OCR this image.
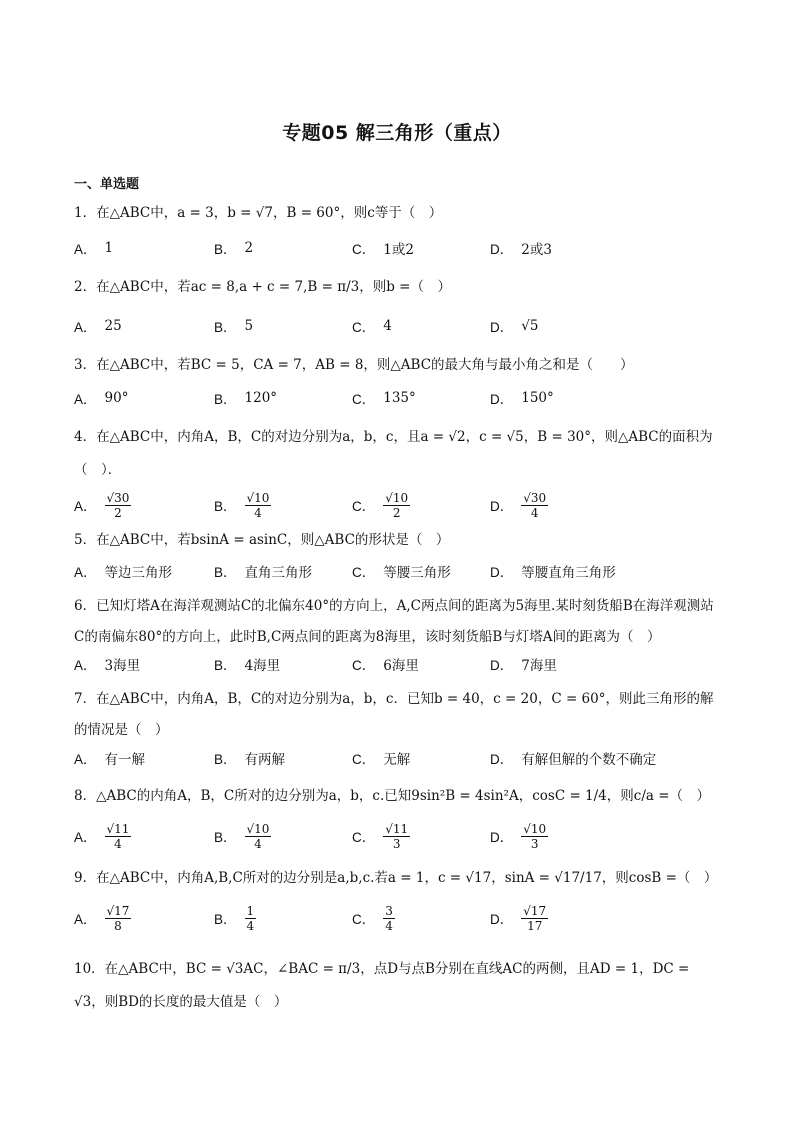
专题05 解三角形（重点）
一、单选题
1．在△ABC中，a = 3，b = √7，B = 60°，则c等于（　）
A． 1	B． 2	C． 1或2	D． 2或3
2．在△ABC中，若ac = 8,a + c = 7,B = π/3，则b =（　）
A． 25	B． 5	C． 4	D． √5
3．在△ABC中，若BC = 5，CA = 7，AB = 8，则△ABC的最大角与最小角之和是（　　）
A． 90°	B． 120°	C． 135°	D． 150°
4．在△ABC中，内角A，B，C的对边分别为a，b，c，且a = √2，c = √5，B = 30°，则△ABC的面积为（　）．
A． $\frac{√30}{2}$	B． $\frac{√10}{4}$	C． $\frac{√10}{2}$	D． $\frac{√30}{4}$
5．在△ABC中，若bsinA = asinC，则△ABC的形状是（　）
A． 等边三角形	B． 直角三角形	C． 等腰三角形	D． 等腰直角三角形
6．已知灯塔A在海洋观测站C的北偏东40°的方向上，A,C两点间的距离为5海里.某时刻货船B在海洋观测站C的南偏东80°的方向上，此时B,C两点间的距离为8海里，该时刻货船B与灯塔A间的距离为（　）
A． 3海里	B． 4海里	C． 6海里	D． 7海里
7．在△ABC中，内角A，B，C的对边分别为a，b，c．已知b = 40，c = 20，C = 60°，则此三角形的解的情况是（　）
A． 有一解	B． 有两解	C． 无解	D． 有解但解的个数不确定
8．△ABC的内角A，B，C所对的边分别为a，b，c.已知9sin²B = 4sin²A，cosC = 1/4，则c/a =（　）
A． $\frac{√11}{4}$	B． $\frac{√10}{4}$	C． $\frac{√11}{3}$	D． $\frac{√10}{3}$
9．在△ABC中，内角A,B,C所对的边分别是a,b,c.若a = 1，c = √17，sinA = √17/17，则cosB =（　）
A． $\frac{√17}{8}$	B． $\frac{1}{4}$	C． $\frac{3}{4}$	D． $\frac{√17}{17}$
10．在△ABC中，BC = √3AC，∠BAC = π/3，点D与点B分别在直线AC的两侧，且AD = 1，DC = √3，则BD的长度的最大值是（　）
